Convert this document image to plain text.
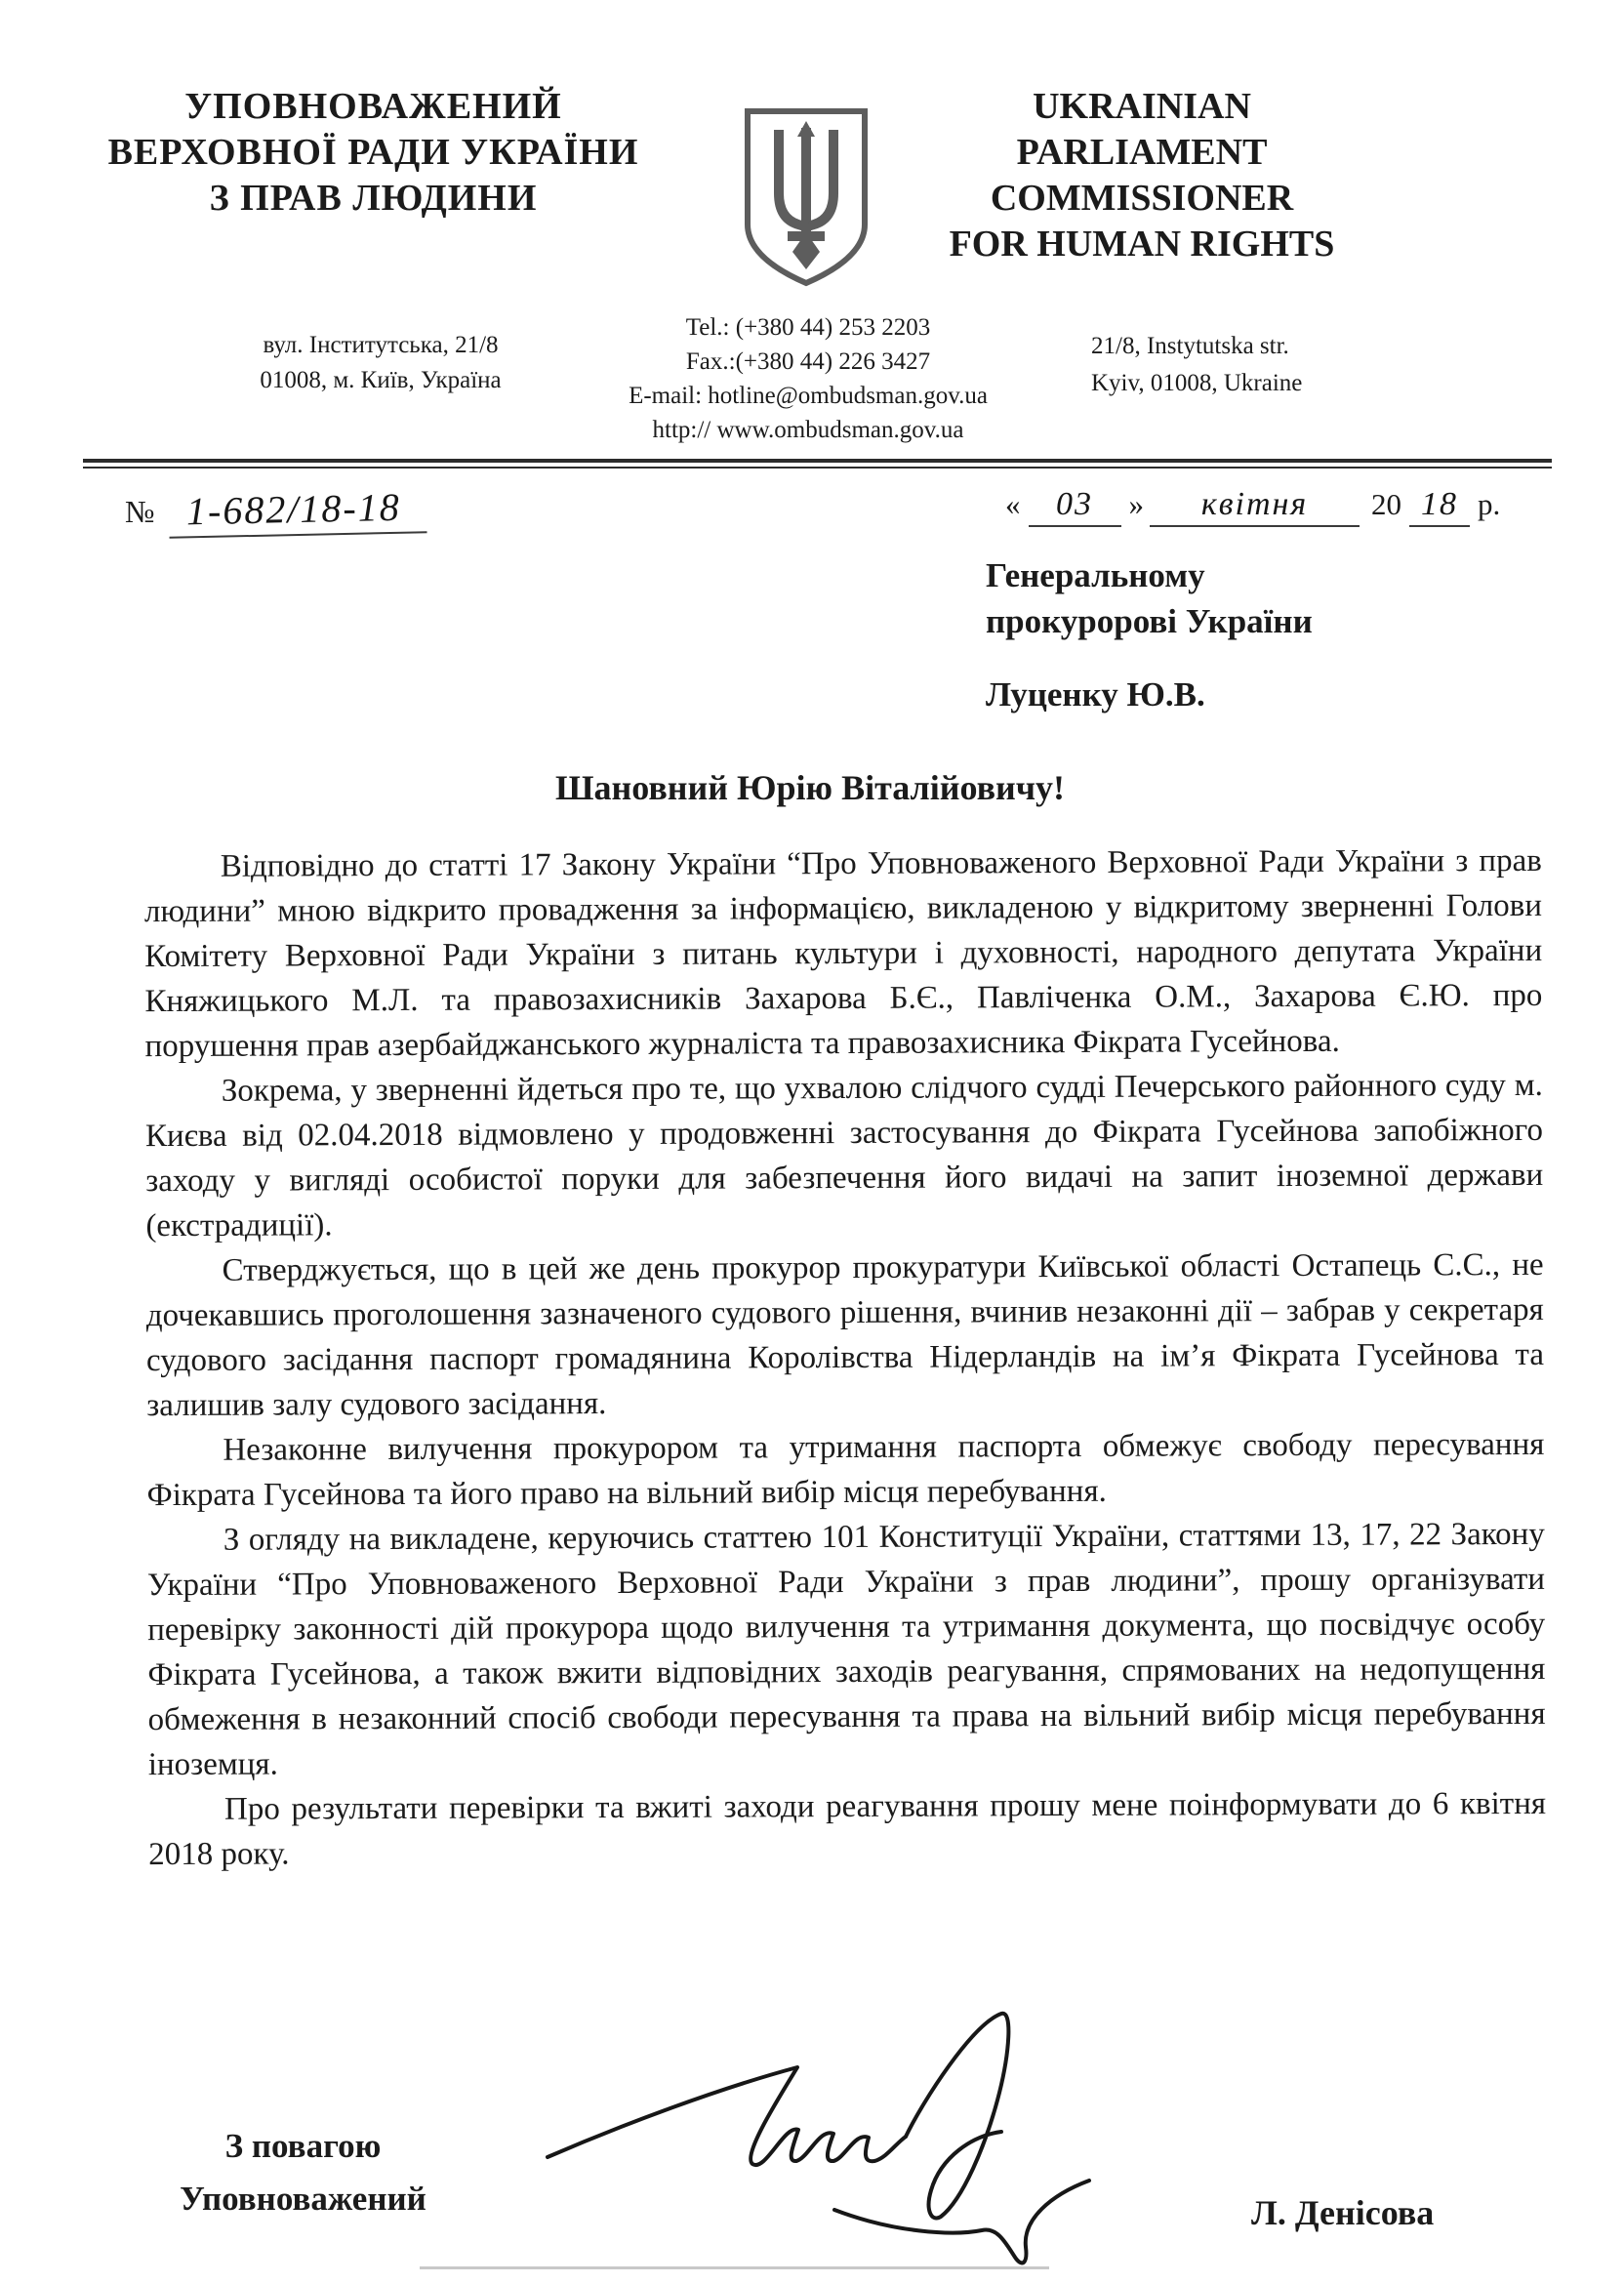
УПОВНОВАЖЕНИЙ
ВЕРХОВНОЇ РАДИ УКРАЇНИ
З ПРАВ ЛЮДИНИ
UKRAINIAN
PARLIAMENT COMMISSIONER
FOR HUMAN RIGHTS
вул. Інститутська, 21/8
01008, м. Київ, Україна
Tel.: (+380 44) 253 2203
Fax.:(+380 44) 226 3427
E-mail: hotline@ombudsman.gov.ua
http:// www.ombudsman.gov.ua
21/8, Instytutska str.
Kyiv, 01008, Ukraine
№ 1-682/18-18	«	03	»	квітня	20 18 р.
Генеральному
прокуророві України
Луценку Ю.В.
Шановний Юрію Віталійовичу!

Відповідно до статті 17 Закону України “Про Уповноваженого Верховної Ради України з прав людини” мною відкрито провадження за інформацією, викладеною у відкритому зверненні Голови Комітету Верховної Ради України з питань культури і духовності, народного депутата України Княжицького М.Л. та правозахисників Захарова Б.Є., Павліченка О.М., Захарова Є.Ю. про порушення прав азербайджанського журналіста та правозахисника Фікрата Гусейнова.

Зокрема, у зверненні йдеться про те, що ухвалою слідчого судді Печерського районного суду м. Києва від 02.04.2018 відмовлено у продовженні застосування до Фікрата Гусейнова запобіжного заходу у вигляді особистої поруки для забезпечення його видачі на запит іноземної держави (екстрадиції).

Стверджується, що в цей же день прокурор прокуратури Київської області Остапець С.С., не дочекавшись проголошення зазначеного судового рішення, вчинив незаконні дії – забрав у секретаря судового засідання паспорт громадянина Королівства Нідерландів на ім’я Фікрата Гусейнова та залишив залу судового засідання.

Незаконне вилучення прокурором та утримання паспорта обмежує свободу пересування Фікрата Гусейнова та його право на вільний вибір місця перебування.

З огляду на викладене, керуючись статтею 101 Конституції України, статтями 13, 17, 22 Закону України “Про Уповноваженого Верховної Ради України з прав людини”, прошу організувати перевірку законності дій прокурора щодо вилучення та утримання документа, що посвідчує особу Фікрата Гусейнова, а також вжити відповідних заходів реагування, спрямованих на недопущення обмеження в незаконний спосіб свободи пересування та права на вільний вибір місця перебування іноземця.

Про результати перевірки та вжиті заходи реагування прошу мене поінформувати до 6 квітня 2018 року.

З повагою
Уповноважений	Л. Денісова
